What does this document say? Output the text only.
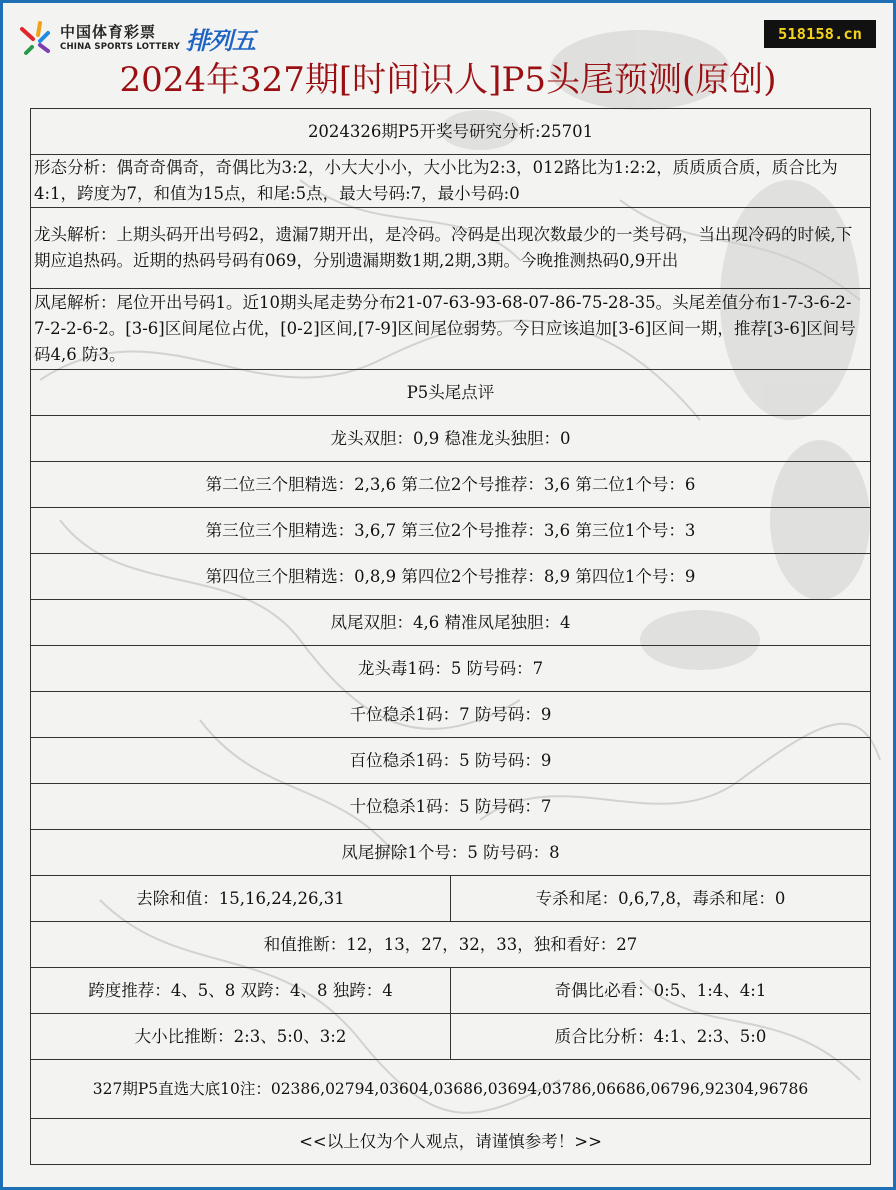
中国体育彩票
CHINA SPORTS LOTTERY 排列五	518158.cn
2024年327期[时间识人]P5头尾预测(原创)
2024326期P5开奖号研究分析:25701	
形态分析：偶奇奇偶奇，奇偶比为3:2，小大大小小，大小比为2:3，012路比为1:2:2，质质质合质，质合比为4:1，跨度为7，和值为15点，和尾:5点，最大号码:7，最小号码:0	
龙头解析：上期头码开出号码2，遗漏7期开出，是冷码。冷码是出现次数最少的一类号码，当出现冷码的时候,下期应追热码。近期的热码号码有069，分别遗漏期数1期,2期,3期。今晚推测热码0,9开出	
凤尾解析：尾位开出号码1。近10期头尾走势分布21-07-63-93-68-07-86-75-28-35。头尾差值分布1-7-3-6-2-7-2-2-6-2。[3-6]区间尾位占优，[0-2]区间,[7-9]区间尾位弱势。今日应该追加[3-6]区间一期，推荐[3-6]区间号码4,6 防3。	
P5头尾点评	
龙头双胆：0,9 稳准龙头独胆：0	
第二位三个胆精选：2,3,6 第二位2个号推荐：3,6 第二位1个号：6	
第三位三个胆精选：3,6,7 第三位2个号推荐：3,6 第三位1个号：3	
第四位三个胆精选：0,8,9 第四位2个号推荐：8,9 第四位1个号：9	
凤尾双胆：4,6 精准凤尾独胆：4	
龙头毒1码：5 防号码：7	
千位稳杀1码：7 防号码：9	
百位稳杀1码：5 防号码：9	
十位稳杀1码：5 防号码：7	
凤尾摒除1个号：5 防号码：8	
去除和值：15,16,24,26,31	专杀和尾：0,6,7,8，毒杀和尾：0
和值推断：12，13，27，32，33，独和看好：27	
跨度推荐：4、5、8 双跨：4、8 独跨：4	奇偶比必看：0:5、1:4、4:1
大小比推断：2:3、5:0、3:2	质合比分析：4:1、2:3、5:0
327期P5直选大底10注：02386,02794,03604,03686,03694,03786,06686,06796,92304,96786	
<<以上仅为个人观点，请谨慎参考！>>	
